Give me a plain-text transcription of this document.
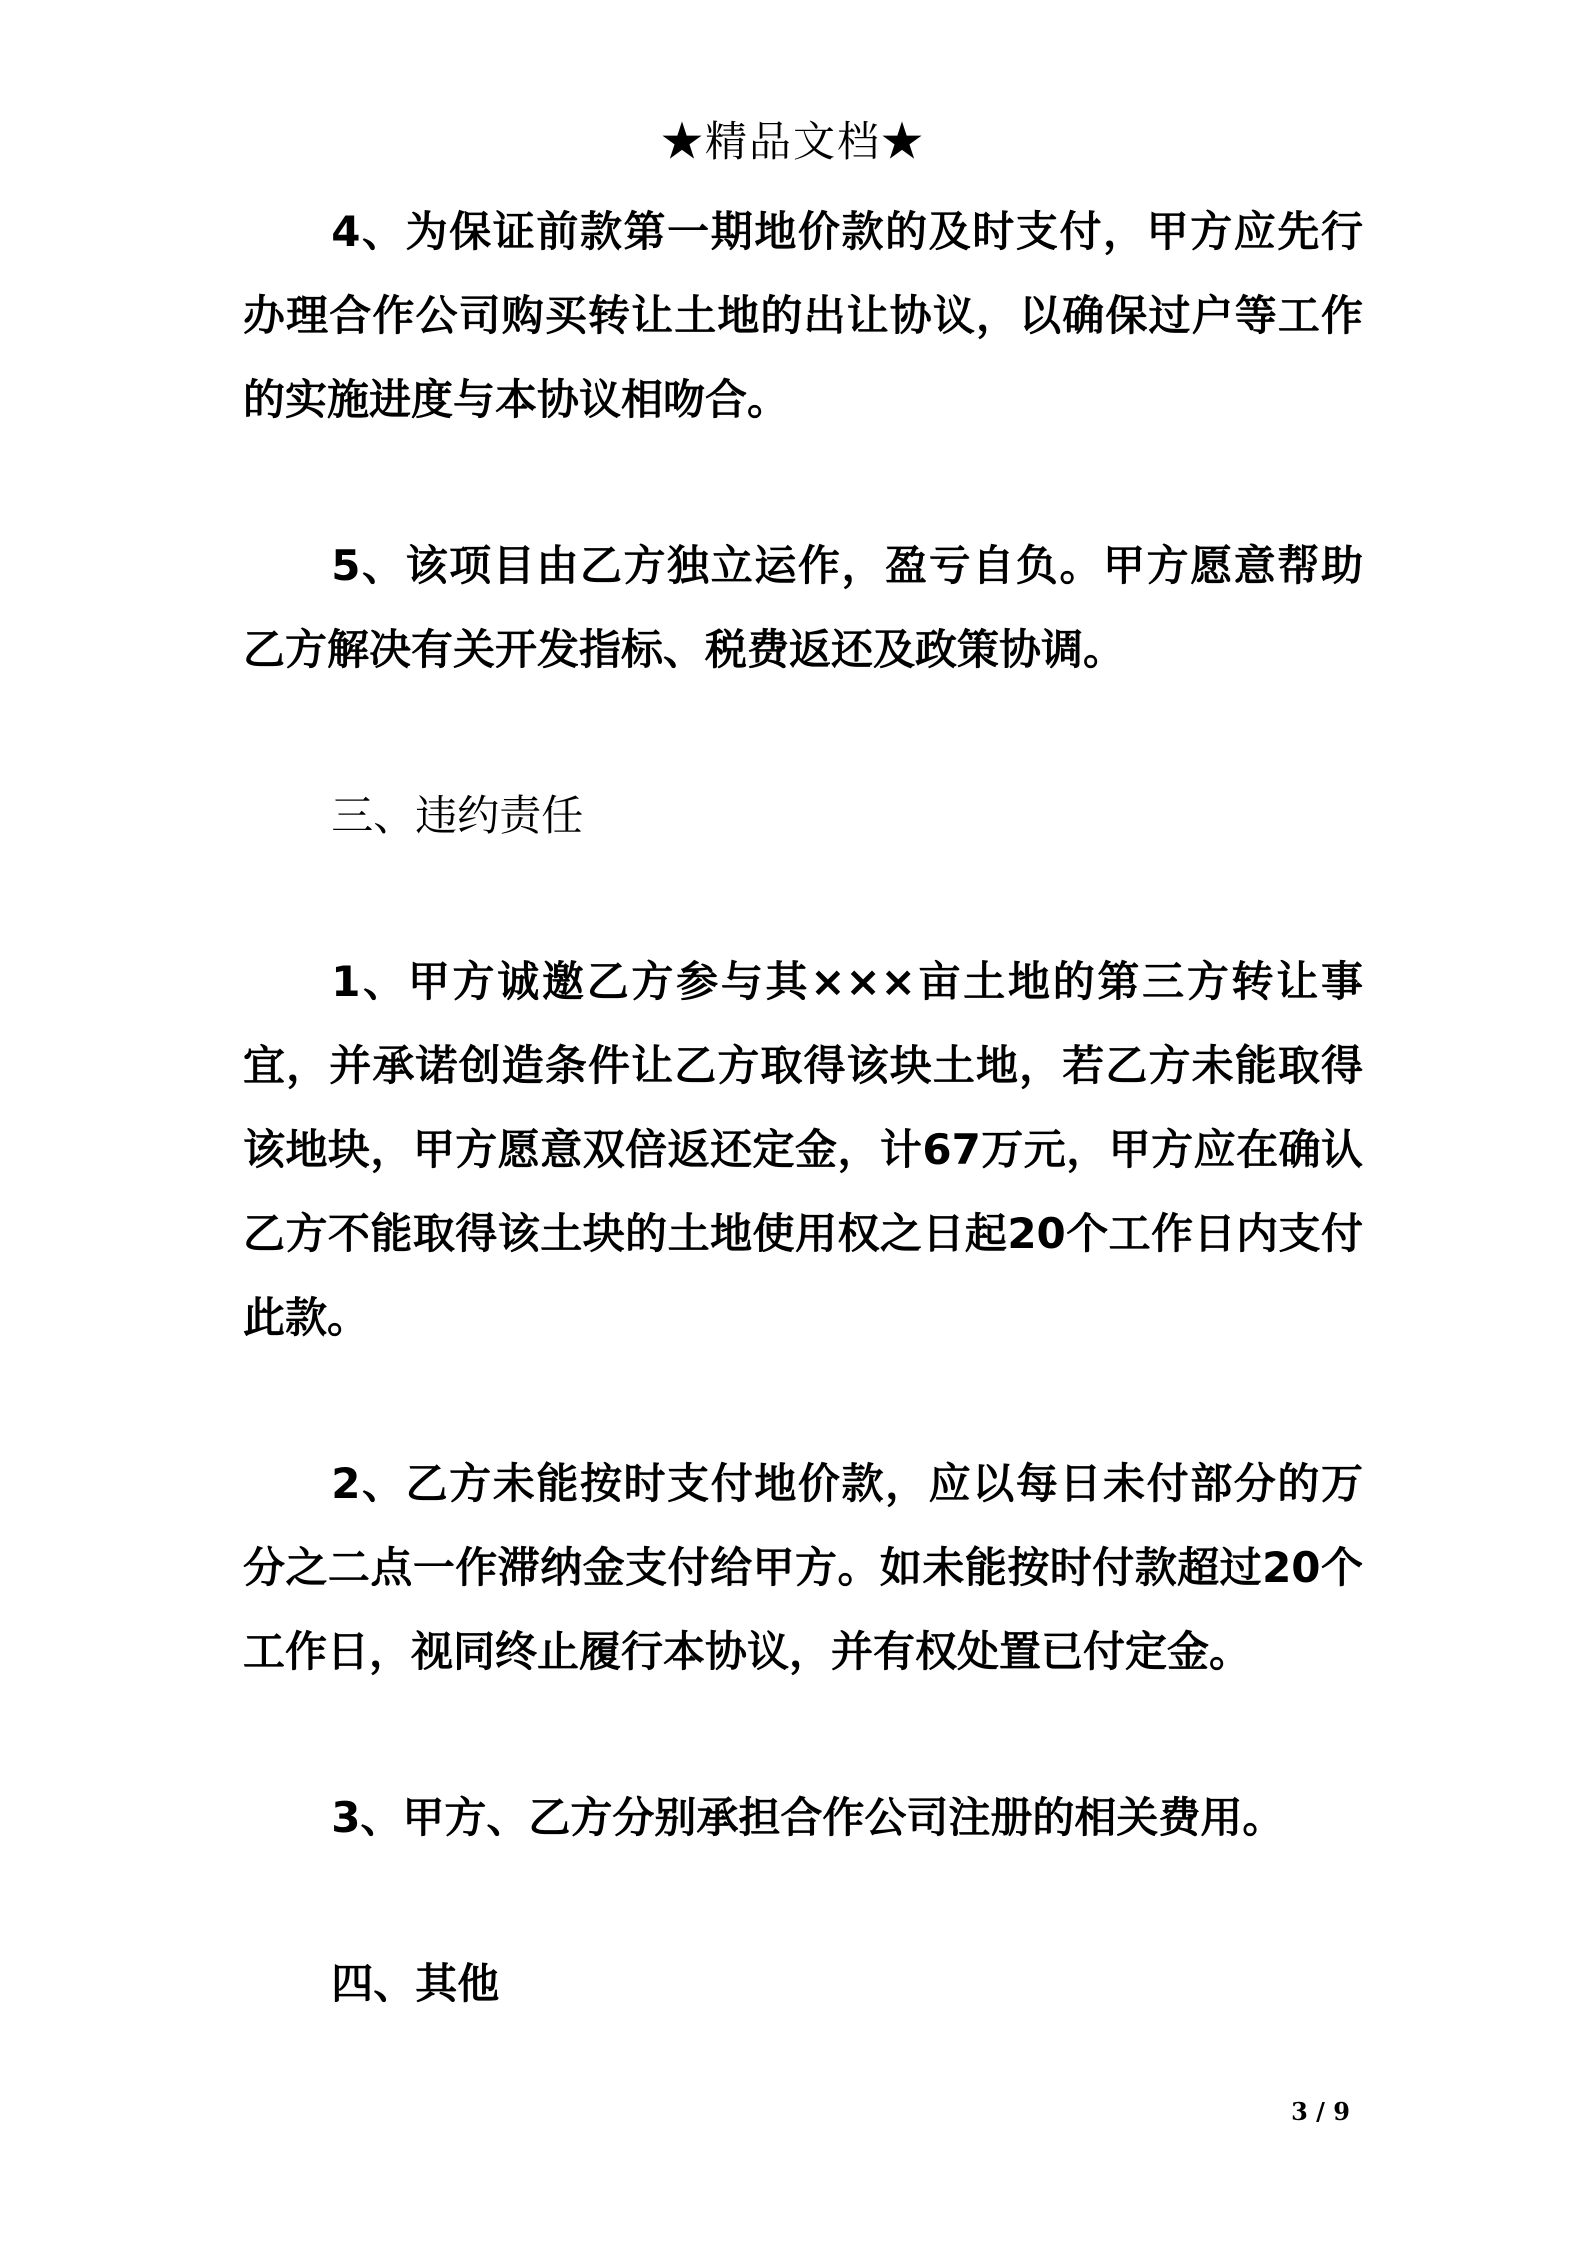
★精品文档★

4、为保证前款第一期地价款的及时支付，甲方应先行办理合作公司购买转让土地的出让协议，以确保过户等工作的实施进度与本协议相吻合。

5、该项目由乙方独立运作，盈亏自负。甲方愿意帮助乙方解决有关开发指标、税费返还及政策协调。

三、违约责任

1、甲方诚邀乙方参与其×××亩土地的第三方转让事宜，并承诺创造条件让乙方取得该块土地，若乙方未能取得该地块，甲方愿意双倍返还定金，计67万元，甲方应在确认乙方不能取得该土块的土地使用权之日起20个工作日内支付此款。

2、乙方未能按时支付地价款，应以每日未付部分的万分之二点一作滞纳金支付给甲方。如未能按时付款超过20个工作日，视同终止履行本协议，并有权处置已付定金。

3、甲方、乙方分别承担合作公司注册的相关费用。

四、其他

3 / 9
